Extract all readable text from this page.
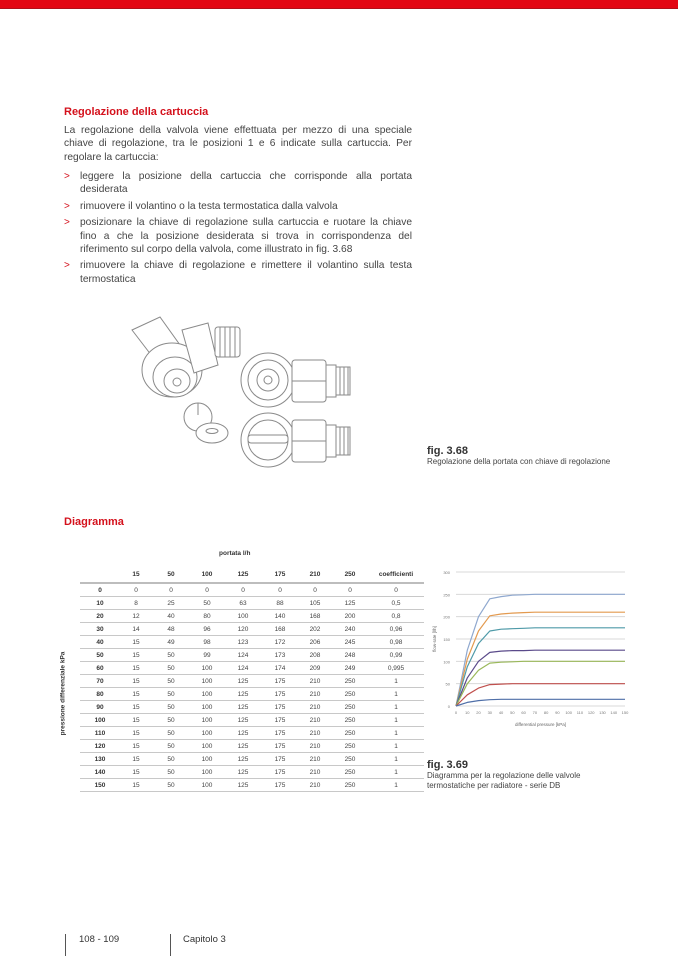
Regolazione della cartuccia
La regolazione della valvola viene effettuata per mezzo di una speciale chiave di regolazione, tra le posizioni 1 e 6 indicate sulla cartuccia. Per regolare la cartuccia:
> leggere la posizione della cartuccia che corrisponde alla portata desiderata
> rimuovere il volantino o la testa termostatica dalla valvola
> posizionare la chiave di regolazione sulla cartuccia e ruotare la chiave fino a che la posizione desiderata si trova in corrispondenza del riferimento sul corpo della valvola, come illustrato in fig. 3.68
> rimuovere la chiave di regolazione e rimettere il volantino sulla testa termostatica
fig. 3.68
Regolazione della portata con chiave di regolazione
Diagramma
portata l/h
pressione differenziale kPa
	15	50	100	125	175	210	250	coefficienti
0	0	0	0	0	0	0	0	0
10	8	25	50	63	88	105	125	0,5
20	12	40	80	100	140	168	200	0,8
30	14	48	96	120	168	202	240	0,96
40	15	49	98	123	172	206	245	0,98
50	15	50	99	124	173	208	248	0,99
60	15	50	100	124	174	209	249	0,995
70	15	50	100	125	175	210	250	1
80	15	50	100	125	175	210	250	1
90	15	50	100	125	175	210	250	1
100	15	50	100	125	175	210	250	1
110	15	50	100	125	175	210	250	1
120	15	50	100	125	175	210	250	1
130	15	50	100	125	175	210	250	1
140	15	50	100	125	175	210	250	1
150	15	50	100	125	175	210	250	1
0
50
100
150
200
250
300
0 10 20 30 40 50 60 70 80 90 100 110 120 130 140 150
differential pressure [kPa]
flow-rate [l/h]
fig. 3.69
Diagramma per la regolazione delle valvole
termostatiche per radiatore - serie DB
108 - 109	Capitolo 3
